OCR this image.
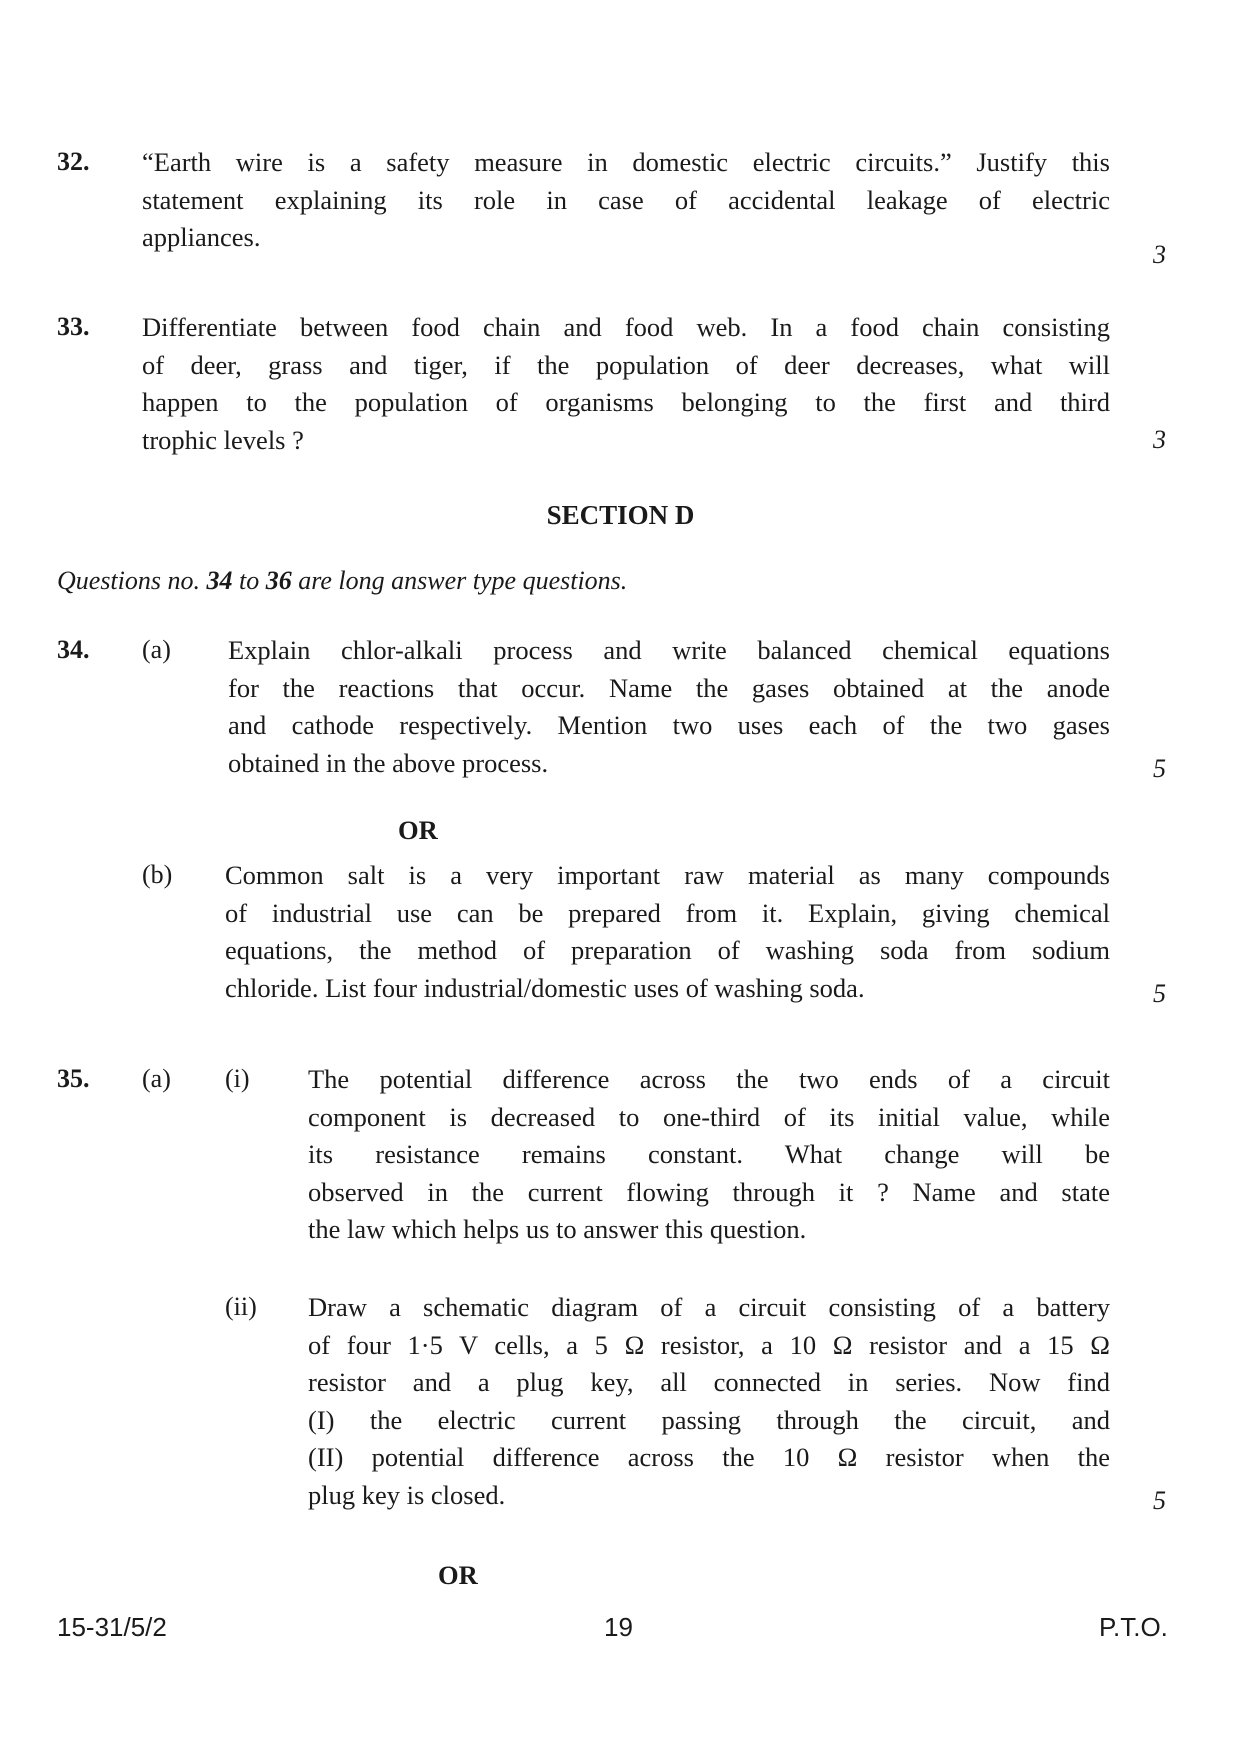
32. “Earth wire is a safety measure in domestic electric circuits.” Justify this
statement explaining its role in case of accidental leakage of electric
appliances.
3
33. Differentiate between food chain and food web. In a food chain consisting
of deer, grass and tiger, if the population of deer decreases, what will
happen to the population of organisms belonging to the first and third
trophic levels ?	3
SECTION D
Questions no. 34 to 36 are long answer type questions.
34. (a) Explain chlor-alkali process and write balanced chemical equations
for the reactions that occur. Name the gases obtained at the anode
and cathode respectively. Mention two uses each of the two gases
obtained in the above process.	5
OR
(b) Common salt is a very important raw material as many compounds
of industrial use can be prepared from it. Explain, giving chemical
equations, the method of preparation of washing soda from sodium
chloride. List four industrial/domestic uses of washing soda.	5
35. (a) (i) The potential difference across the two ends of a circuit
component is decreased to one-third of its initial value, while
its resistance remains constant. What change will be
observed in the current flowing through it ? Name and state
the law which helps us to answer this question.
(ii) Draw a schematic diagram of a circuit consisting of a battery
of four 1·5 V cells, a 5 Ω resistor, a 10 Ω resistor and a 15 Ω
resistor and a plug key, all connected in series. Now find
(I) the electric current passing through the circuit, and
(II) potential difference across the 10 Ω resistor when the
plug key is closed.	5
OR
15-31/5/2	19	P.T.O.
